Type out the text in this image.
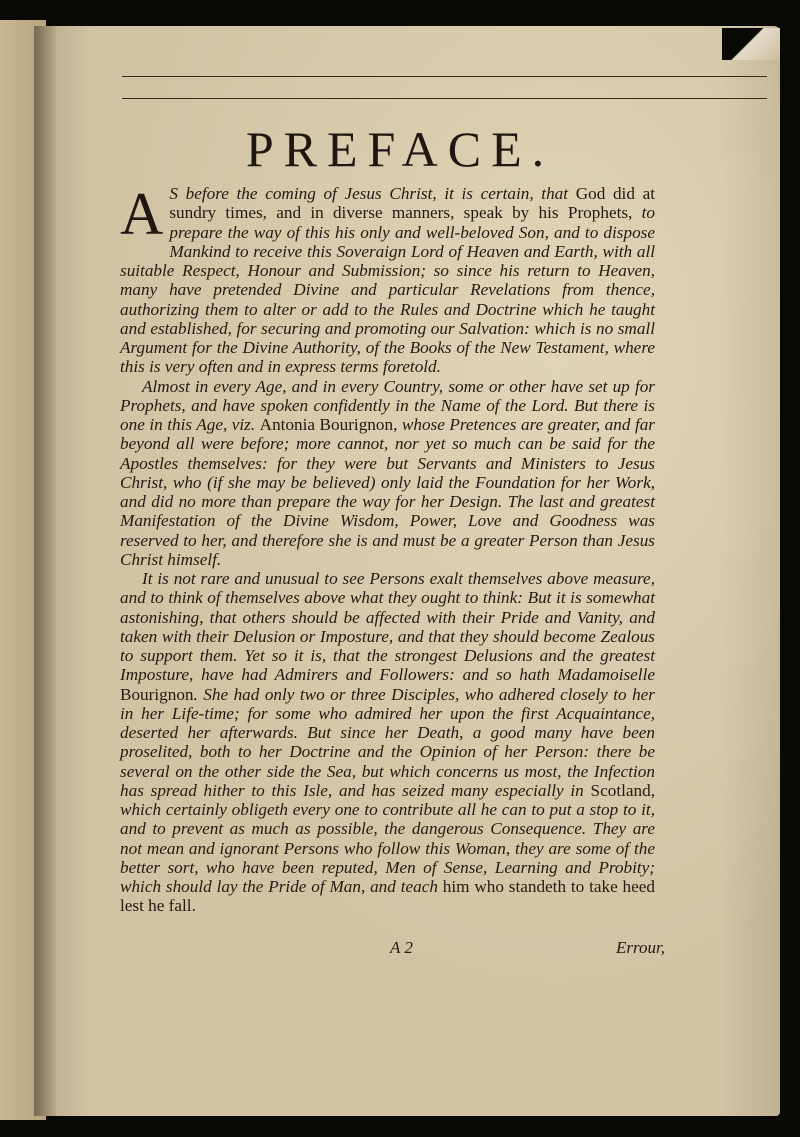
PREFACE.

A S before the coming of Jesus Christ, it is certain, that God did at sundry times, and in diverse manners, speak by his Prophets, to prepare the way of this his only and well-beloved Son, and to dispose Mankind to receive this Soveraign Lord of Heaven and Earth, with all suitable Respect, Honour and Submission; so since his return to Heaven, many have pretended Divine and particular Revelations from thence, authorizing them to alter or add to the Rules and Doctrine which he taught and established, for securing and promoting our Salvation: which is no small Argument for the Divine Authority, of the Books of the New Testament, where this is very often and in express terms foretold.

Almost in every Age, and in every Country, some or other have set up for Prophets, and have spoken confidently in the Name of the Lord. But there is one in this Age, viz. Antonia Bourignon, whose Pretences are greater, and far beyond all were before; more cannot, nor yet so much can be said for the Apostles themselves: for they were but Servants and Ministers to Jesus Christ, who (if she may be believed) only laid the Foundation for her Work, and did no more than prepare the way for her Design. The last and greatest Manifestation of the Divine Wisdom, Power, Love and Goodness was reserved to her, and therefore she is and must be a greater Person than Jesus Christ himself.

It is not rare and unusual to see Persons exalt themselves above measure, and to think of themselves above what they ought to think: But it is somewhat astonishing, that others should be affected with their Pride and Vanity, and taken with their Delusion or Imposture, and that they should become Zealous to support them. Yet so it is, that the strongest Delusions and the greatest Imposture, have had Admirers and Followers: and so hath Madamoiselle Bourignon. She had only two or three Disciples, who adhered closely to her in her Life-time; for some who admired her upon the first Acquaintance, deserted her afterwards. But since her Death, a good many have been proselited, both to her Doctrine and the Opinion of her Person: there be several on the other side the Sea, but which concerns us most, the Infection has spread hither to this Isle, and has seized many especially in Scotland, which certainly obligeth every one to contribute all he can to put a stop to it, and to prevent as much as possible, the dangerous Consequence. They are not mean and ignorant Persons who follow this Woman, they are some of the better sort, who have been reputed, Men of Sense, Learning and Probity; which should lay the Pride of Man, and teach him who standeth to take heed lest he fall.

A 2	Errour,
